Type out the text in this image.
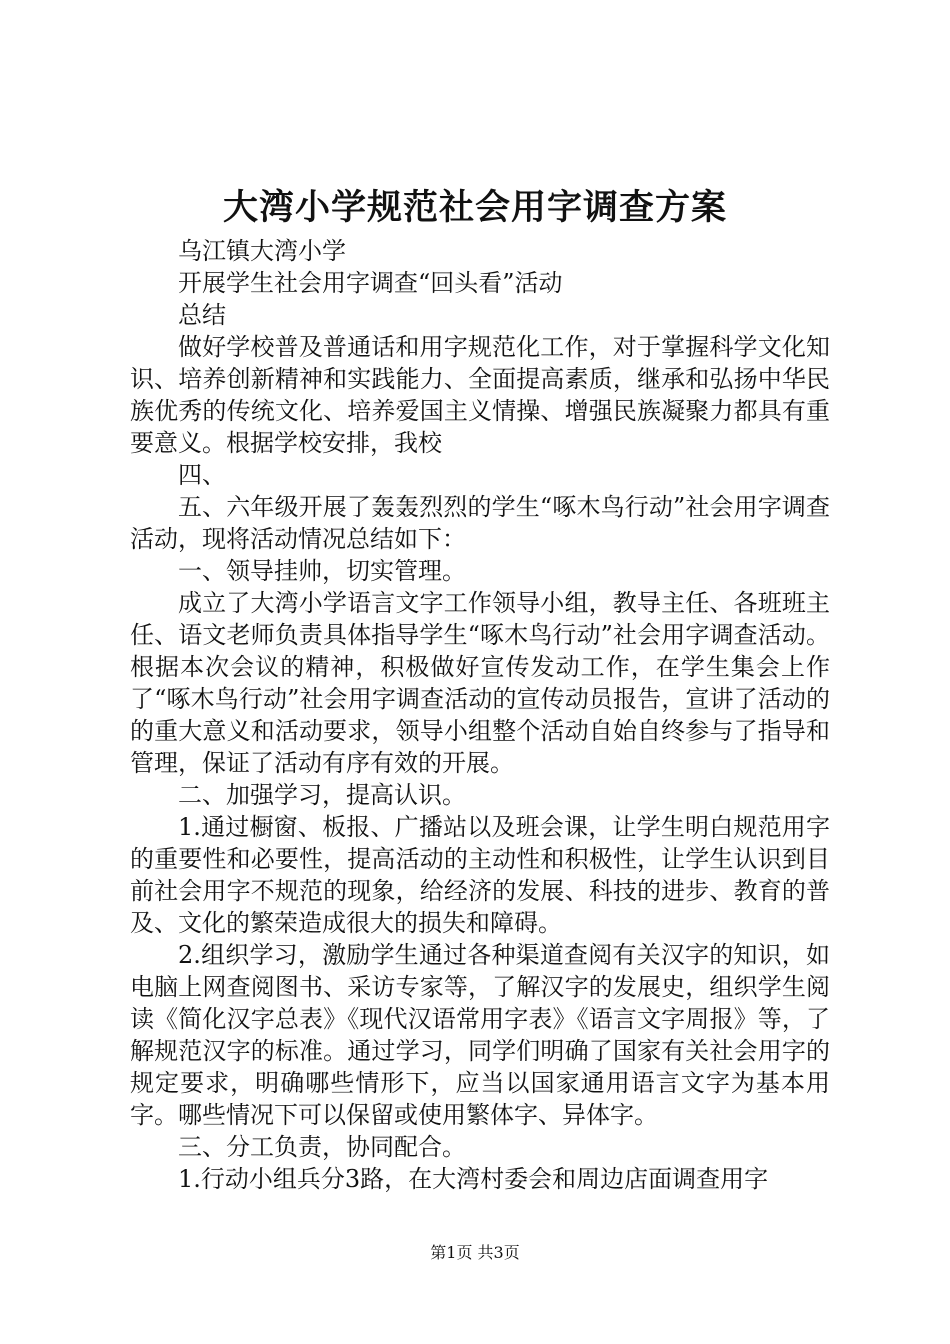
大湾小学规范社会用字调查方案

乌江镇大湾小学

开展学生社会用字调查“回头看”活动

总结

做好学校普及普通话和用字规范化工作，对于掌握科学文化知识、培养创新精神和实践能力、全面提高素质，继承和弘扬中华民族优秀的传统文化、培养爱国主义情操、增强民族凝聚力都具有重要意义。根据学校安排，我校

四、

五、六年级开展了轰轰烈烈的学生“啄木鸟行动”社会用字调查活动，现将活动情况总结如下：

一、领导挂帅，切实管理。

成立了大湾小学语言文字工作领导小组，教导主任、各班班主任、语文老师负责具体指导学生“啄木鸟行动”社会用字调查活动。根据本次会议的精神，积极做好宣传发动工作，在学生集会上作了“啄木鸟行动”社会用字调查活动的宣传动员报告，宣讲了活动的的重大意义和活动要求，领导小组整个活动自始自终参与了指导和管理，保证了活动有序有效的开展。

二、加强学习，提高认识。

1.通过橱窗、板报、广播站以及班会课，让学生明白规范用字的重要性和必要性，提高活动的主动性和积极性，让学生认识到目前社会用字不规范的现象，给经济的发展、科技的进步、教育的普及、文化的繁荣造成很大的损失和障碍。

2.组织学习，激励学生通过各种渠道查阅有关汉字的知识，如电脑上网查阅图书、采访专家等，了解汉字的发展史，组织学生阅读《简化汉字总表》《现代汉语常用字表》《语言文字周报》等，了解规范汉字的标准。通过学习，同学们明确了国家有关社会用字的规定要求，明确哪些情形下，应当以国家通用语言文字为基本用字。哪些情况下可以保留或使用繁体字、异体字。

三、分工负责，协同配合。

1.行动小组兵分3路，在大湾村委会和周边店面调查用字

第1页 共3页
